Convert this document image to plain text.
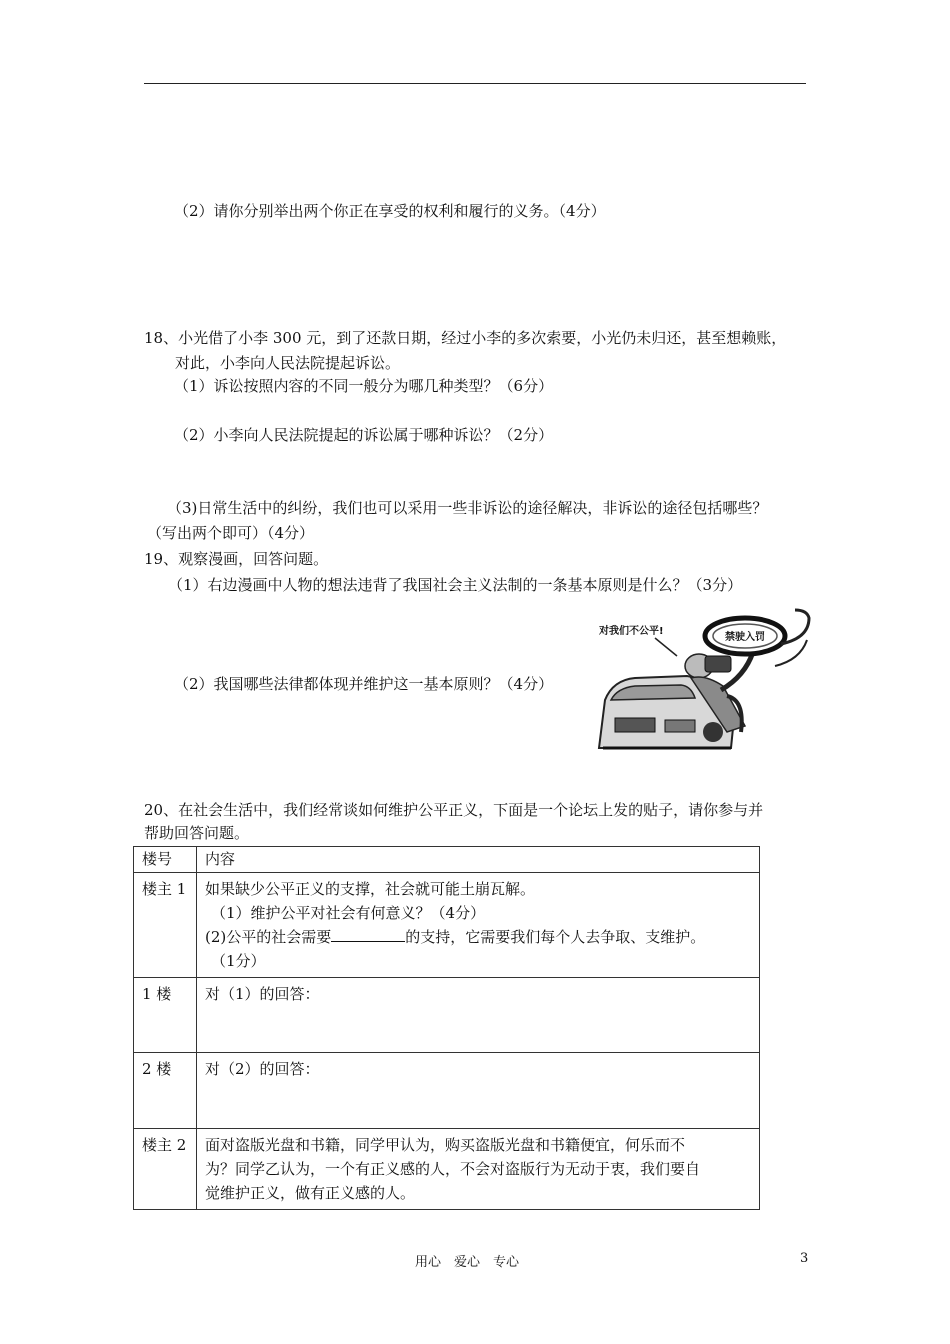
（2）请你分别举出两个你正在享受的权利和履行的义务。（4分）
18、小光借了小李 300 元，到了还款日期，经过小李的多次索要，小光仍未归还，甚至想赖账，
对此，小李向人民法院提起诉讼。
（1）诉讼按照内容的不同一般分为哪几种类型？（6分）
（2）小李向人民法院提起的诉讼属于哪种诉讼？（2分）
（3)日常生活中的纠纷，我们也可以采用一些非诉讼的途径解决，非诉讼的途径包括哪些？
（写出两个即可）（4分）
19、观察漫画，回答问题。
（1）右边漫画中人物的想法违背了我国社会主义法制的一条基本原则是什么？（3分）
（2）我国哪些法律都体现并维护这一基本原则？（4分）
禁驶入罚
对我们不公平!
20、在社会生活中，我们经常谈如何维护公平正义，下面是一个论坛上发的贴子，请你参与并
帮助回答问题。
楼号	内容
楼主 1	如果缺少公平正义的支撑，社会就可能土崩瓦解。
（1）维护公平对社会有何意义？（4分）
(2)公平的社会需要 的支持，它需要我们每个人去争取、支维护。
（1分）

1 楼	对（1）的回答：
2 楼	对（2）的回答：
楼主 2	面对盗版光盘和书籍，同学甲认为，购买盗版光盘和书籍便宜，何乐而不
为？同学乙认为，一个有正义感的人，不会对盗版行为无动于衷，我们要自
觉维护正义，做有正义感的人。
用心　爱心　专心	3
